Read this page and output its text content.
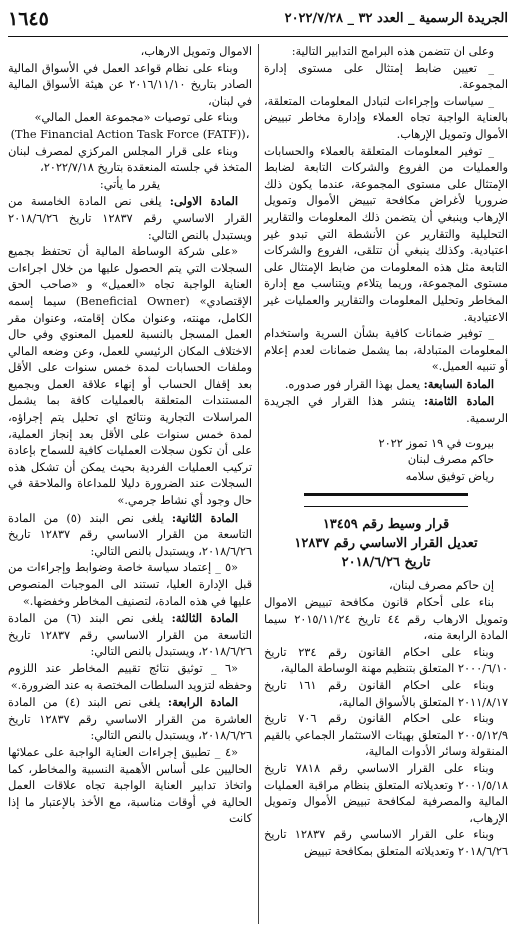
الجريدة الرسمية _ العدد ٣٢ _ ٢٠٢٢/٧/٢٨
١٦٤٥

وعلى ان تتضمن هذه البرامج التدابير التالية:

_ تعيين ضابط إمتثال على مستوى إدارة المجموعة.

_ سياسات وإجراءات لتبادل المعلومات المتعلقة، بالعناية الواجبة تجاه العملاء وإدارة مخاطر تبييض الأموال وتمويل الإرهاب.

_ توفير المعلومات المتعلقة بالعملاء والحسابات والعمليات من الفروع والشركات التابعة لضابط الإمتثال على مستوى المجموعة، عندما يكون ذلك ضروريا لأغراض مكافحة تبييض الأموال وتمويل الإرهاب وينبغي أن يتضمن ذلك المعلومات والتقارير التحليلية والتقارير عن الأنشطة التي تبدو غير اعتيادية. وكذلك ينبغي أن تتلقى، الفروع والشركات التابعة مثل هذه المعلومات من ضابط الإمتثال على مستوى المجموعة، وريما يتلاءم ويتناسب مع إدارة المخاطر وتحليل المعلومات والتقارير والعمليات غير الاعتيادية.

_ توفير ضمانات كافية بشأن السرية واستخدام المعلومات المتبادلة، بما يشمل ضمانات لعدم إعلام أو تنبيه العميل.»

المادة السابعة: يعمل بهذا القرار فور صدوره.

المادة الثامنة: ينشر هذا القرار في الجريدة الرسمية.

بيروت في ١٩ تموز ٢٠٢٢

حاكم مصرف لبنان

رياض توفيق سلامه

قرار وسيط رقم ١٣٤٥٩

تعديل القرار الاساسي رقم ١٢٨٣٧

تاريخ ٢٠١٨/٦/٢٦

إن حاكم مصرف لبنان،

بناء على أحكام قانون مكافحة تبييض الاموال وتمويل الارهاب رقم ٤٤ تاريخ ٢٠١٥/١١/٢٤ سيما المادة الرابعة منه،

وبناء على احكام القانون رقم ٢٣٤ تاريخ ٢٠٠٠/٦/١٠ المتعلق بتنظيم مهنة الوساطة المالية،

وبناء على احكام القانون رقم ١٦١ تاريخ ٢٠١١/٨/١٧ المتعلق بالأسواق المالية،

وبناء على احكام القانون رقم ٧٠٦ تاريخ ٢٠٠٥/١٢/٩ المتعلق بهيئات الاستثمار الجماعي بالقيم المنقولة وسائر الأدوات المالية،

وبناء على القرار الاساسي رقم ٧٨١٨ تاريخ ٢٠٠١/٥/١٨ وتعديلاته المتعلق بنظام مراقبة العمليات المالية والمصرفية لمكافحة تبييض الأموال وتمويل الإرهاب،

وبناء على القرار الاساسي رقم ١٢٨٣٧ تاريخ ٢٠١٨/٦/٢٦ وتعديلاته المتعلق بمكافحة تبييض

الاموال وتمويل الارهاب،

وبناء على نظام قواعد العمل في الأسواق المالية الصادر بتاريخ ٢٠١٦/١١/١٠ عن هيئة الأسواق المالية في لبنان،

وبناء على توصيات «مجموعة العمل المالي»

(The Financial Action Task Force (FATF))،

وبناء على قرار المجلس المركزي لمصرف لبنان المتخذ في جلسته المنعقدة بتاريخ ٢٠٢٢/٧/١٨،

يقرر ما يأتي:

المادة الاولى: يلغى نص المادة الخامسة من القرار الاساسي رقم ١٢٨٣٧ تاريخ ٢٠١٨/٦/٢٦ ويستبدل بالنص التالي:

«على شركة الوساطة المالية أن تحتفظ بجميع السجلات التي يتم الحصول عليها من خلال اجراءات العناية الواجبة تجاه «العميل» و «صاحب الحق الإقتصادي» (Beneficial Owner) سيما إسمه الكامل، مهنته، وعنوان مكان إقامته، وعنوان مقر العمل المسجل بالنسبة للعميل المعنوي وفي حال الاختلاف المكان الرئيسي للعمل، وعن وضعه المالي وملفات الحسابات لمدة خمس سنوات على الأقل بعد إقفال الحساب أو إنهاء علاقة العمل وبجميع المستندات المتعلقة بالعمليات كافة بما يشمل المراسلات التجارية ونتائج اي تحليل يتم إجراؤه، لمدة خمس سنوات على الأقل بعد إنجاز العملية، على أن تكون سجلات العمليات كافية للسماح بإعادة تركيب العمليات الفردية بحيث يمكن أن تشكل هذه السجلات عند الضرورة دليلا للمداعاة والملاحقة في حال وجود أي نشاط جرمي.»

المادة الثانية: يلغى نص البند (٥) من المادة التاسعة من القرار الاساسي رقم ١٢٨٣٧ تاريخ ٢٠١٨/٦/٢٦، ويستبدل بالنص التالي:

«٥ _ إعتماد سياسة خاصة وضوابط وإجراءات من قبل الإدارة العليا، تستند الى الموجبات المنصوص عليها في هذه المادة، لتصنيف المخاطر وخفضها.»

المادة الثالثة: يلغى نص البند (٦) من المادة التاسعة من القرار الاساسي رقم ١٢٨٣٧ تاريخ ٢٠١٨/٦/٢٦، ويستبدل بالنص التالي:

«٦ _ توثيق نتائج تقييم المخاطر عند اللزوم وحفظه لتزويد السلطات المختصة به عند الضرورة.»

المادة الرابعة: يلغى نص البند (٤) من المادة العاشرة من القرار الاساسي رقم ١٢٨٣٧ تاريخ ٢٠١٨/٦/٢٦، ويستبدل بالنص التالي:

«٤ _ تطبيق إجراءات العناية الواجبة على عملائها الحاليين على أساس الأهمية النسبية والمخاطر، كما واتخاذ تدابير العناية الواجبة تجاه علاقات العمل الحالية في أوقات مناسبة، مع الأخذ بالإعتبار ما إذا كانت
